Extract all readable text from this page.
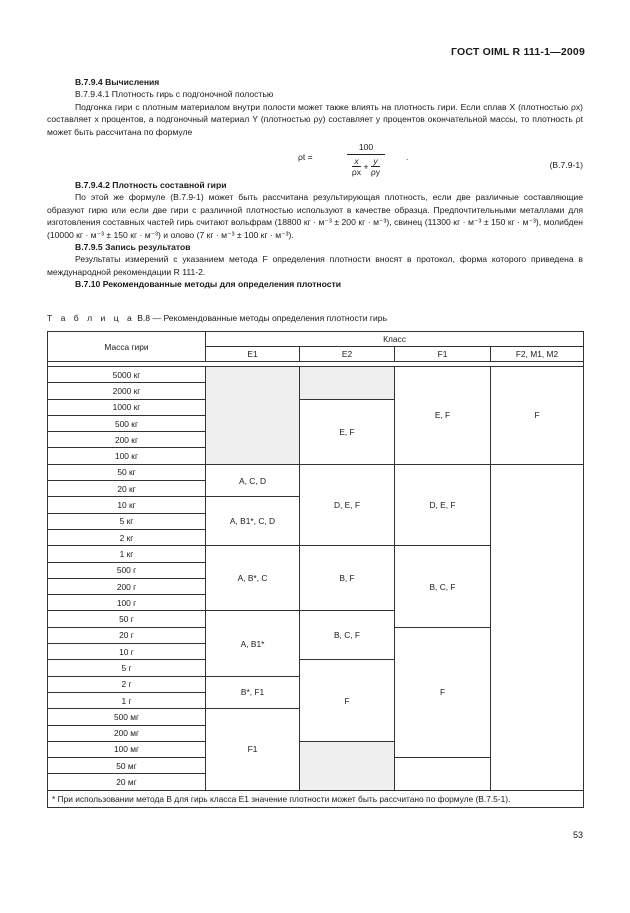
ГОСТ OIML R 111-1—2009

B.7.9.4 Вычисления

B.7.9.4.1 Плотность гирь с подгоночной полостью

Подгонка гири с плотным материалом внутри полости может также влиять на плотность гири. Если сплав X (плотностью ρx) составляет x процентов, а подгоночный материал Y (плотностью ρy) составляет y процентов окончательной массы, то плотность ρt может быть рассчитана по формуле

ρt =
100
$\frac{x}{\rho x} + \frac{y}{\rho y}$	.
(B.7.9-1)

B.7.9.4.2 Плотность составной гири

По этой же формуле (B.7.9-1) может быть рассчитана результирующая плотность, если две различные составляющие образуют гирю или если две гири с различной плотностью используют в качестве образца. Предпочтительными металлами для изготовления составных частей гирь считают вольфрам (18800 кг · м⁻³ ± 200 кг · м⁻³), свинец (11300 кг · м⁻³ ± 150 кг · м⁻³), молибден (10000 кг · м⁻³ ± 150 кг · м⁻³) и олово (7 кг · м⁻³ ± 100 кг · м⁻³).

B.7.9.5 Запись результатов

Результаты измерений с указанием метода F определения плотности вносят в протокол, форма которого приведена в международной рекомендации R 111-2.

B.7.10 Рекомендованные методы для определения плотности

Т а б л и ц а B.8 — Рекомендованные методы определения плотности гирь
Масса гири	Класс				
	E1	E2	F1	F2, M1, M2	

5000 кг			E, F	F	
2000 кг					
1000 кг		E, F			
500 кг					
200 кг					
100 кг					
50 кг	A, C, D	D, E, F	D, E, F		
20 кг					
10 кг	A, B1*, C, D				
5 кг					
2 кг					
1 кг	A, B*, C	B, F	B, C, F		
500 г					
200 г					
100 г					
50 г	A, B1*	B, C, F			
20 г			F		
10 г					
5 г		F			
2 г	B*, F1				
1 г					
500 мг	F1				
200 мг					
100 мг					
50 мг					
20 мг					
* При использовании метода B для гирь класса E1 значение плотности может быть рассчитано по формуле (B.7.5-1).					
53
